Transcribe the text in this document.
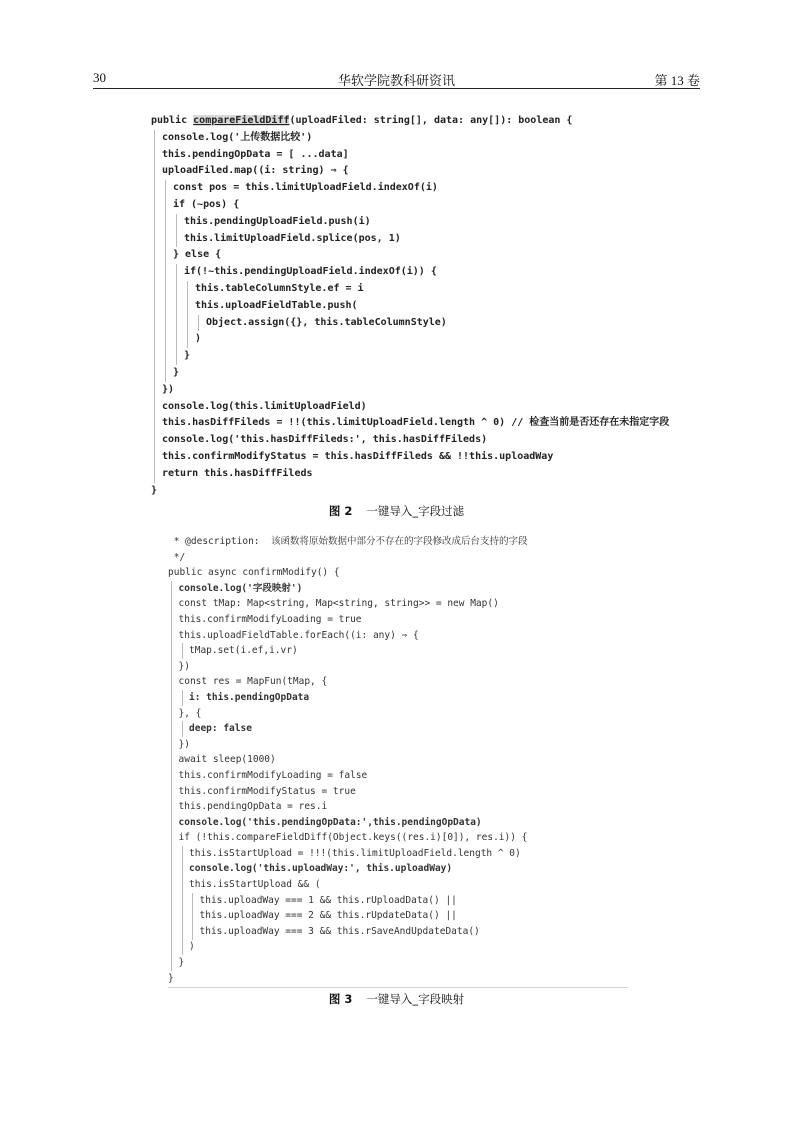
30	华软学院教科研资讯	第 13 卷
public compareFieldDiff(uploadFiled: string[], data: any[]): boolean {
console.log('上传数据比较')
this.pendingOpData = [ ...data]
uploadFiled.map((i: string) ⇒ {
const pos = this.limitUploadField.indexOf(i)
if (~pos) {
this.pendingUploadField.push(i)
this.limitUploadField.splice(pos, 1)
} else {
if(!~this.pendingUploadField.indexOf(i)) {
this.tableColumnStyle.ef = i
this.uploadFieldTable.push(
Object.assign({}, this.tableColumnStyle)
)
}
}
})
console.log(this.limitUploadField)
this.hasDiffFileds = !!(this.limitUploadField.length ^ 0) // 检查当前是否还存在未指定字段
console.log('this.hasDiffFileds:', this.hasDiffFileds)
this.confirmModifyStatus = this.hasDiffFileds && !!this.uploadWay
return this.hasDiffFileds
}
图 2 一键导入_字段过滤
* @description:  该函数将原始数据中部分不存在的字段修改成后台支持的字段
*/
public async confirmModify() {
console.log('字段映射')
const tMap: Map<string, Map<string, string>> = new Map()
this.confirmModifyLoading = true
this.uploadFieldTable.forEach((i: any) ⇒ {
tMap.set(i.ef,i.vr)
})
const res = MapFun(tMap, {
i: this.pendingOpData
}, {
deep: false
})
await sleep(1000)
this.confirmModifyLoading = false
this.confirmModifyStatus = true
this.pendingOpData = res.i
console.log('this.pendingOpData:',this.pendingOpData)
if (!this.compareFieldDiff(Object.keys((res.i)[0]), res.i)) {
this.isStartUpload = !!!(this.limitUploadField.length ^ 0)
console.log('this.uploadWay:', this.uploadWay)
this.isStartUpload && (
this.uploadWay === 1 && this.rUploadData() ||
this.uploadWay === 2 && this.rUpdateData() ||
this.uploadWay === 3 && this.rSaveAndUpdateData()
)
}
}
图 3 一键导入_字段映射
